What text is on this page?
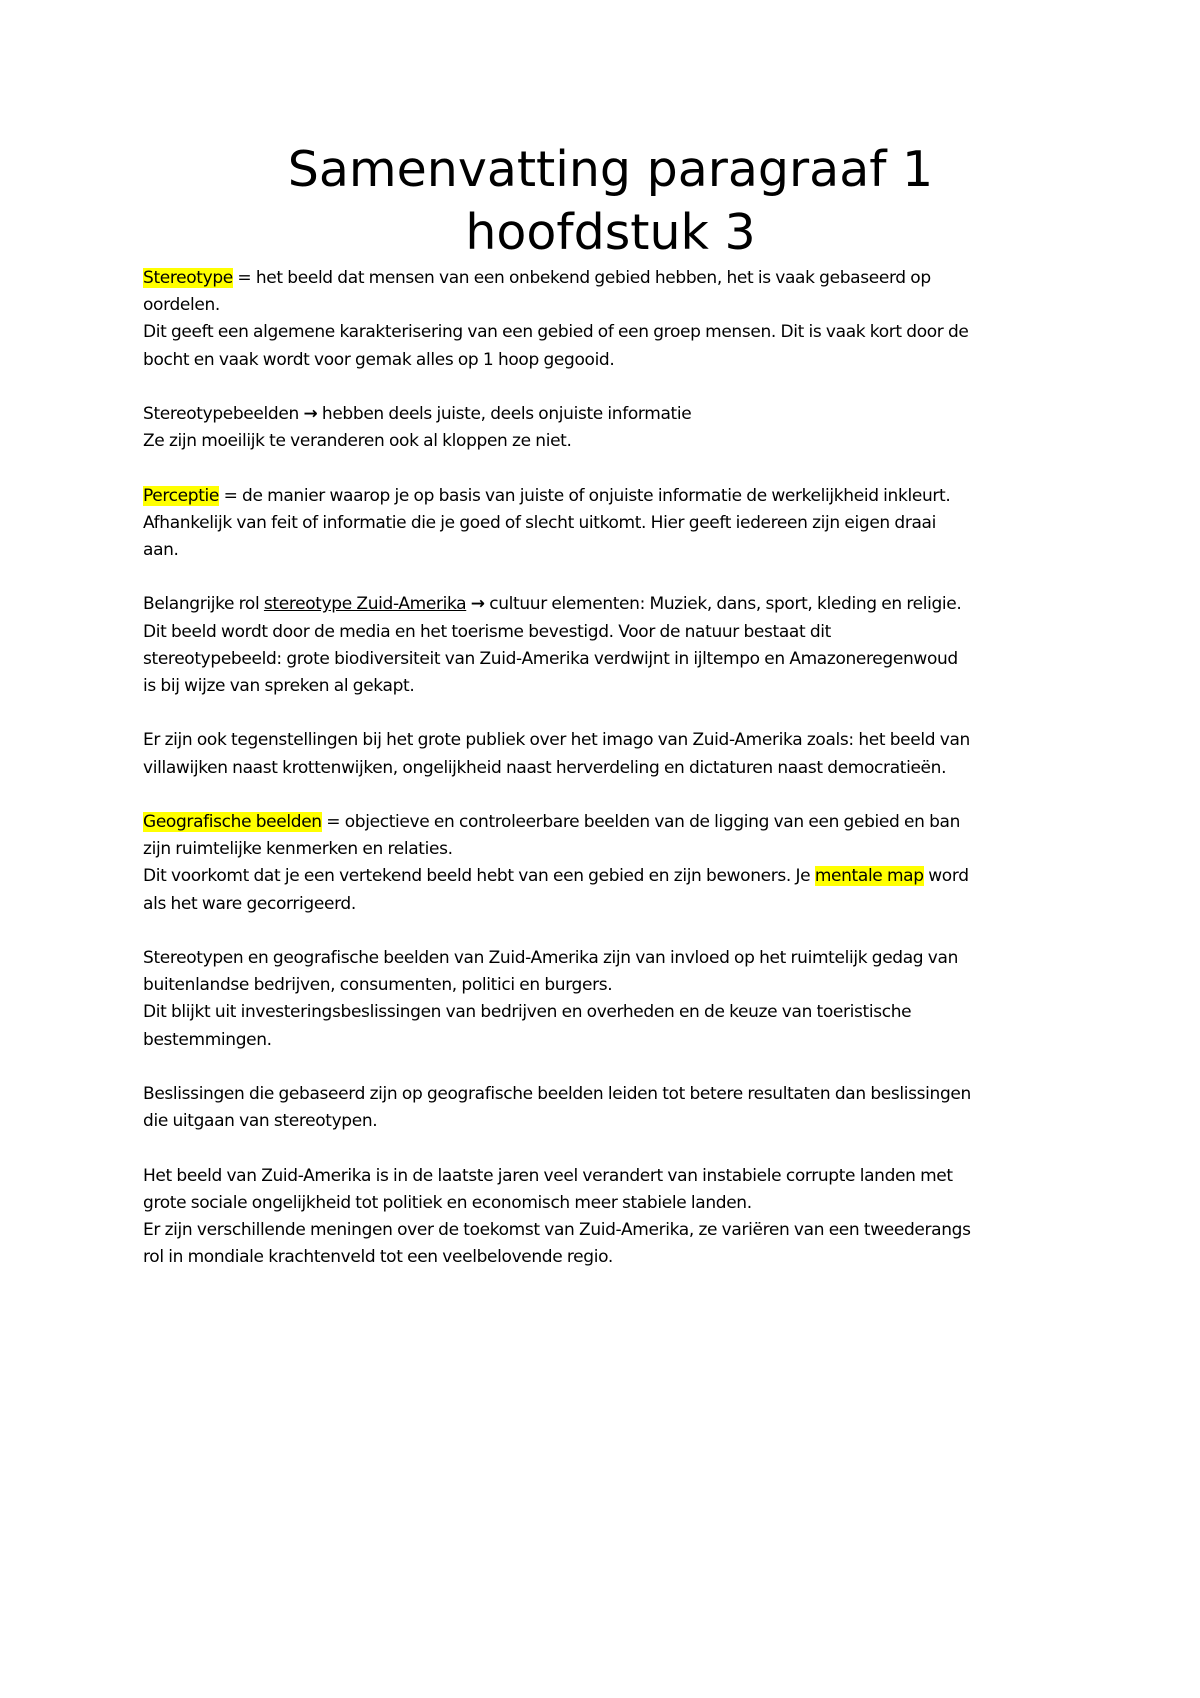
Samenvatting paragraaf 1
hoofdstuk 3
Stereotype = het beeld dat mensen van een onbekend gebied hebben, het is vaak gebaseerd op
oordelen.
Dit geeft een algemene karakterisering van een gebied of een groep mensen. Dit is vaak kort door de
bocht en vaak wordt voor gemak alles op 1 hoop gegooid.
Stereotypebeelden → hebben deels juiste, deels onjuiste informatie
Ze zijn moeilijk te veranderen ook al kloppen ze niet.
Perceptie = de manier waarop je op basis van juiste of onjuiste informatie de werkelijkheid inkleurt.
Afhankelijk van feit of informatie die je goed of slecht uitkomt. Hier geeft iedereen zijn eigen draai
aan.
Belangrijke rol stereotype Zuid-Amerika → cultuur elementen: Muziek, dans, sport, kleding en religie.
Dit beeld wordt door de media en het toerisme bevestigd. Voor de natuur bestaat dit
stereotypebeeld: grote biodiversiteit van Zuid-Amerika verdwijnt in ijltempo en Amazoneregenwoud
is bij wijze van spreken al gekapt.
Er zijn ook tegenstellingen bij het grote publiek over het imago van Zuid-Amerika zoals: het beeld van
villawijken naast krottenwijken, ongelijkheid naast herverdeling en dictaturen naast democratieën.
Geografische beelden = objectieve en controleerbare beelden van de ligging van een gebied en ban
zijn ruimtelijke kenmerken en relaties.
Dit voorkomt dat je een vertekend beeld hebt van een gebied en zijn bewoners. Je mentale map word
als het ware gecorrigeerd.
Stereotypen en geografische beelden van Zuid-Amerika zijn van invloed op het ruimtelijk gedag van
buitenlandse bedrijven, consumenten, politici en burgers.
Dit blijkt uit investeringsbeslissingen van bedrijven en overheden en de keuze van toeristische
bestemmingen.
Beslissingen die gebaseerd zijn op geografische beelden leiden tot betere resultaten dan beslissingen
die uitgaan van stereotypen.
Het beeld van Zuid-Amerika is in de laatste jaren veel verandert van instabiele corrupte landen met
grote sociale ongelijkheid tot politiek en economisch meer stabiele landen.
Er zijn verschillende meningen over de toekomst van Zuid-Amerika, ze variëren van een tweederangs
rol in mondiale krachtenveld tot een veelbelovende regio.
